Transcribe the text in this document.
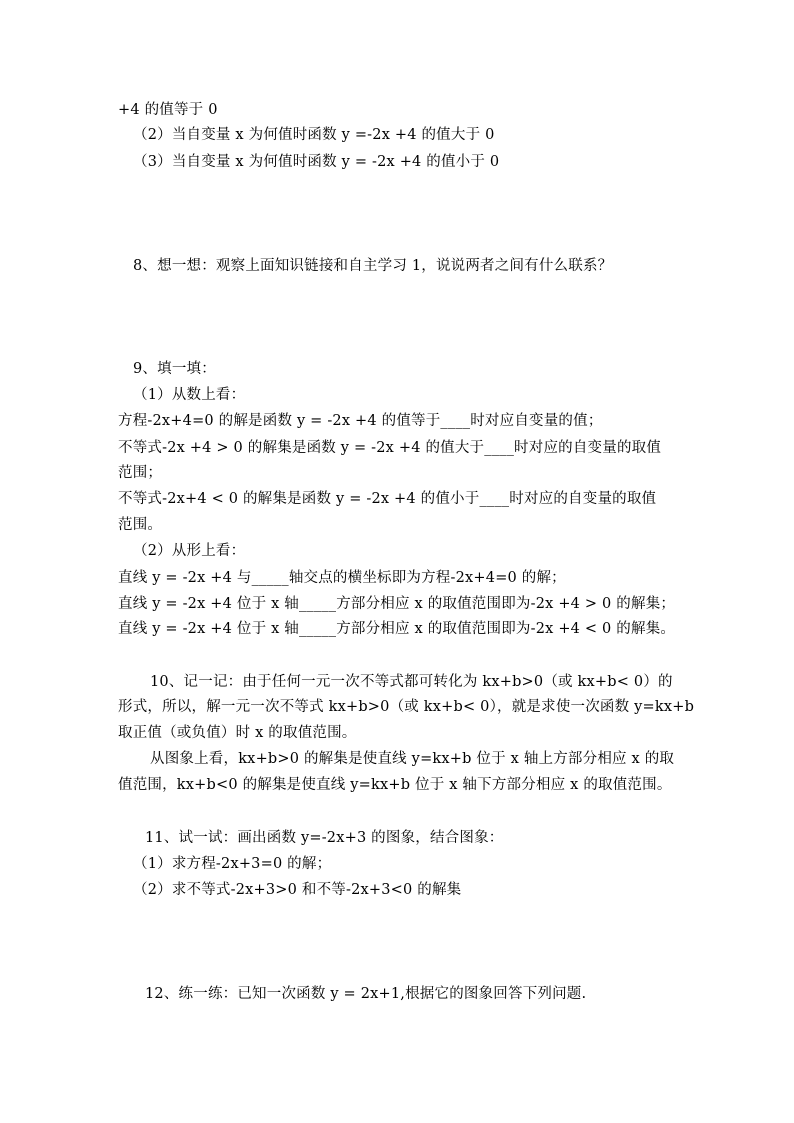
+4 的值等于 0
（2）当自变量 x 为何值时函数 y =-2x +4 的值大于 0
（3）当自变量 x 为何值时函数 y = -2x +4 的值小于 0
8、想一想：观察上面知识链接和自主学习 1，说说两者之间有什么联系？
9、填一填：
（1）从数上看：
方程-2x+4=0 的解是函数 y = -2x +4 的值等于____时对应自变量的值；
不等式-2x +4 > 0 的解集是函数 y = -2x +4 的值大于____时对应的自变量的取值
范围；
不等式-2x+4 < 0 的解集是函数 y = -2x +4 的值小于____时对应的自变量的取值
范围。
（2）从形上看：
直线 y = -2x +4 与_____轴交点的横坐标即为方程-2x+4=0 的解；
直线 y = -2x +4 位于 x 轴_____方部分相应 x 的取值范围即为-2x +4 > 0 的解集；
直线 y = -2x +4 位于 x 轴_____方部分相应 x 的取值范围即为-2x +4 < 0 的解集。
10、记一记：由于任何一元一次不等式都可转化为 kx+b>0（或 kx+b< 0）的
形式，所以，解一元一次不等式 kx+b>0（或 kx+b< 0），就是求使一次函数 y=kx+b
取正值（或负值）时 x 的取值范围。
从图象上看，kx+b>0 的解集是使直线 y=kx+b 位于 x 轴上方部分相应 x 的取
值范围，kx+b<0 的解集是使直线 y=kx+b 位于 x 轴下方部分相应 x 的取值范围。
11、试一试：画出函数 y=-2x+3 的图象，结合图象：
（1）求方程-2x+3=0 的解；
（2）求不等式-2x+3>0 和不等-2x+3<0 的解集
12、练一练：已知一次函数 y = 2x+1,根据它的图象回答下列问题.
